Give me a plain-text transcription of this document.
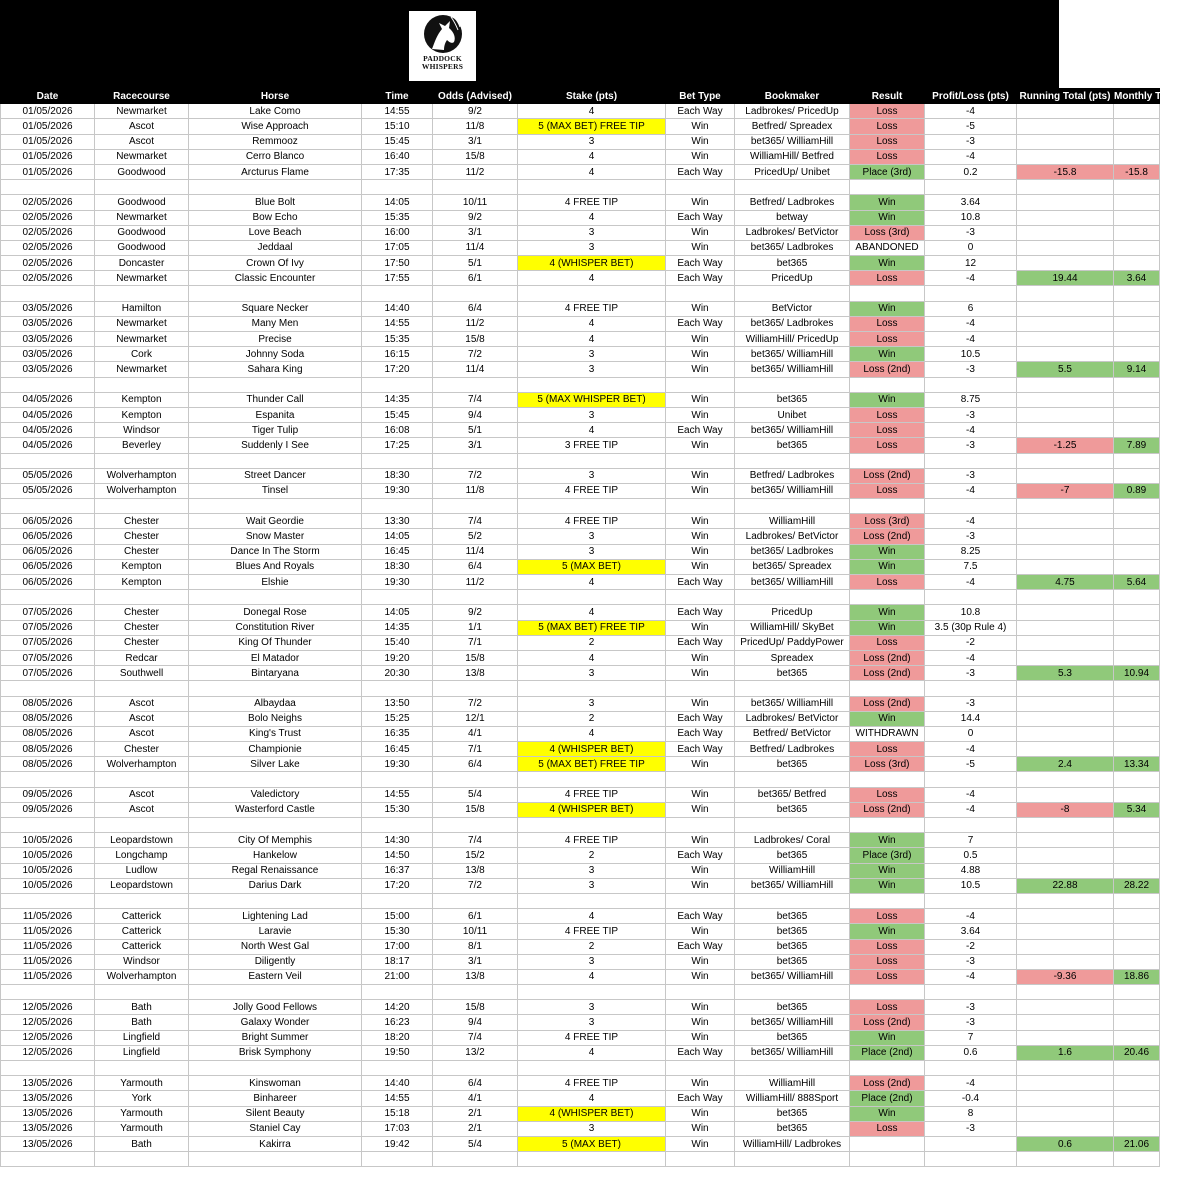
PADDOCK
WHISPERS
Date	Racecourse	Horse	Time	Odds (Advised)	Stake (pts)	Bet Type	Bookmaker	Result	Profit/Loss (pts)	Running Total (pts)	Monthly Total (pts)
01/05/2026	Newmarket	Lake Como	14:55	9/2	4	Each Way	Ladbrokes/ PricedUp	Loss	-4		
01/05/2026	Ascot	Wise Approach	15:10	11/8	5 (MAX BET) FREE TIP	Win	Betfred/ Spreadex	Loss	-5		
01/05/2026	Ascot	Remmooz	15:45	3/1	3	Win	bet365/ WilliamHill	Loss	-3		
01/05/2026	Newmarket	Cerro Blanco	16:40	15/8	4	Win	WilliamHill/ Betfred	Loss	-4		
01/05/2026	Goodwood	Arcturus Flame	17:35	11/2	4	Each Way	PricedUp/ Unibet	Place (3rd)	0.2	-15.8	-15.8

02/05/2026	Goodwood	Blue Bolt	14:05	10/11	4 FREE TIP	Win	Betfred/ Ladbrokes	Win	3.64		
02/05/2026	Newmarket	Bow Echo	15:35	9/2	4	Each Way	betway	Win	10.8		
02/05/2026	Goodwood	Love Beach	16:00	3/1	3	Win	Ladbrokes/ BetVictor	Loss (3rd)	-3		
02/05/2026	Goodwood	Jeddaal	17:05	11/4	3	Win	bet365/ Ladbrokes	ABANDONED	0		
02/05/2026	Doncaster	Crown Of Ivy	17:50	5/1	4 (WHISPER BET)	Each Way	bet365	Win	12		
02/05/2026	Newmarket	Classic Encounter	17:55	6/1	4	Each Way	PricedUp	Loss	-4	19.44	3.64

03/05/2026	Hamilton	Square Necker	14:40	6/4	4 FREE TIP	Win	BetVictor	Win	6		
03/05/2026	Newmarket	Many Men	14:55	11/2	4	Each Way	bet365/ Ladbrokes	Loss	-4		
03/05/2026	Newmarket	Precise	15:35	15/8	4	Win	WilliamHill/ PricedUp	Loss	-4		
03/05/2026	Cork	Johnny Soda	16:15	7/2	3	Win	bet365/ WilliamHill	Win	10.5		
03/05/2026	Newmarket	Sahara King	17:20	11/4	3	Win	bet365/ WilliamHill	Loss (2nd)	-3	5.5	9.14

04/05/2026	Kempton	Thunder Call	14:35	7/4	5 (MAX WHISPER BET)	Win	bet365	Win	8.75		
04/05/2026	Kempton	Espanita	15:45	9/4	3	Win	Unibet	Loss	-3		
04/05/2026	Windsor	Tiger Tulip	16:08	5/1	4	Each Way	bet365/ WilliamHill	Loss	-4		
04/05/2026	Beverley	Suddenly I See	17:25	3/1	3 FREE TIP	Win	bet365	Loss	-3	-1.25	7.89

05/05/2026	Wolverhampton	Street Dancer	18:30	7/2	3	Win	Betfred/ Ladbrokes	Loss (2nd)	-3		
05/05/2026	Wolverhampton	Tinsel	19:30	11/8	4 FREE TIP	Win	bet365/ WilliamHill	Loss	-4	-7	0.89

06/05/2026	Chester	Wait Geordie	13:30	7/4	4 FREE TIP	Win	WilliamHill	Loss (3rd)	-4		
06/05/2026	Chester	Snow Master	14:05	5/2	3	Win	Ladbrokes/ BetVictor	Loss (2nd)	-3		
06/05/2026	Chester	Dance In The Storm	16:45	11/4	3	Win	bet365/ Ladbrokes	Win	8.25		
06/05/2026	Kempton	Blues And Royals	18:30	6/4	5 (MAX BET)	Win	bet365/ Spreadex	Win	7.5		
06/05/2026	Kempton	Elshie	19:30	11/2	4	Each Way	bet365/ WilliamHill	Loss	-4	4.75	5.64

07/05/2026	Chester	Donegal Rose	14:05	9/2	4	Each Way	PricedUp	Win	10.8		
07/05/2026	Chester	Constitution River	14:35	1/1	5 (MAX BET) FREE TIP	Win	WilliamHill/ SkyBet	Win	3.5 (30p Rule 4)		
07/05/2026	Chester	King Of Thunder	15:40	7/1	2	Each Way	PricedUp/ PaddyPower	Loss	-2		
07/05/2026	Redcar	El Matador	19:20	15/8	4	Win	Spreadex	Loss (2nd)	-4		
07/05/2026	Southwell	Bintaryana	20:30	13/8	3	Win	bet365	Loss (2nd)	-3	5.3	10.94

08/05/2026	Ascot	Albaydaa	13:50	7/2	3	Win	bet365/ WilliamHill	Loss (2nd)	-3		
08/05/2026	Ascot	Bolo Neighs	15:25	12/1	2	Each Way	Ladbrokes/ BetVictor	Win	14.4		
08/05/2026	Ascot	King's Trust	16:35	4/1	4	Each Way	Betfred/ BetVictor	WITHDRAWN	0		
08/05/2026	Chester	Championie	16:45	7/1	4 (WHISPER BET)	Each Way	Betfred/ Ladbrokes	Loss	-4		
08/05/2026	Wolverhampton	Silver Lake	19:30	6/4	5 (MAX BET) FREE TIP	Win	bet365	Loss (3rd)	-5	2.4	13.34

09/05/2026	Ascot	Valedictory	14:55	5/4	4 FREE TIP	Win	bet365/ Betfred	Loss	-4		
09/05/2026	Ascot	Wasterford Castle	15:30	15/8	4 (WHISPER BET)	Win	bet365	Loss (2nd)	-4	-8	5.34

10/05/2026	Leopardstown	City Of Memphis	14:30	7/4	4 FREE TIP	Win	Ladbrokes/ Coral	Win	7		
10/05/2026	Longchamp	Hankelow	14:50	15/2	2	Each Way	bet365	Place (3rd)	0.5		
10/05/2026	Ludlow	Regal Renaissance	16:37	13/8	3	Win	WilliamHill	Win	4.88		
10/05/2026	Leopardstown	Darius Dark	17:20	7/2	3	Win	bet365/ WilliamHill	Win	10.5	22.88	28.22

11/05/2026	Catterick	Lightening Lad	15:00	6/1	4	Each Way	bet365	Loss	-4		
11/05/2026	Catterick	Laravie	15:30	10/11	4 FREE TIP	Win	bet365	Win	3.64		
11/05/2026	Catterick	North West Gal	17:00	8/1	2	Each Way	bet365	Loss	-2		
11/05/2026	Windsor	Diligently	18:17	3/1	3	Win	bet365	Loss	-3		
11/05/2026	Wolverhampton	Eastern Veil	21:00	13/8	4	Win	bet365/ WilliamHill	Loss	-4	-9.36	18.86

12/05/2026	Bath	Jolly Good Fellows	14:20	15/8	3	Win	bet365	Loss	-3		
12/05/2026	Bath	Galaxy Wonder	16:23	9/4	3	Win	bet365/ WilliamHill	Loss (2nd)	-3		
12/05/2026	Lingfield	Bright Summer	18:20	7/4	4 FREE TIP	Win	bet365	Win	7		
12/05/2026	Lingfield	Brisk Symphony	19:50	13/2	4	Each Way	bet365/ WilliamHill	Place (2nd)	0.6	1.6	20.46

13/05/2026	Yarmouth	Kinswoman	14:40	6/4	4 FREE TIP	Win	WilliamHill	Loss (2nd)	-4		
13/05/2026	York	Binhareer	14:55	4/1	4	Each Way	WilliamHill/ 888Sport	Place (2nd)	-0.4		
13/05/2026	Yarmouth	Silent Beauty	15:18	2/1	4 (WHISPER BET)	Win	bet365	Win	8		
13/05/2026	Yarmouth	Staniel Cay	17:03	2/1	3	Win	bet365	Loss	-3		
13/05/2026	Bath	Kakirra	19:42	5/4	5 (MAX BET)	Win	WilliamHill/ Ladbrokes			0.6	21.06
